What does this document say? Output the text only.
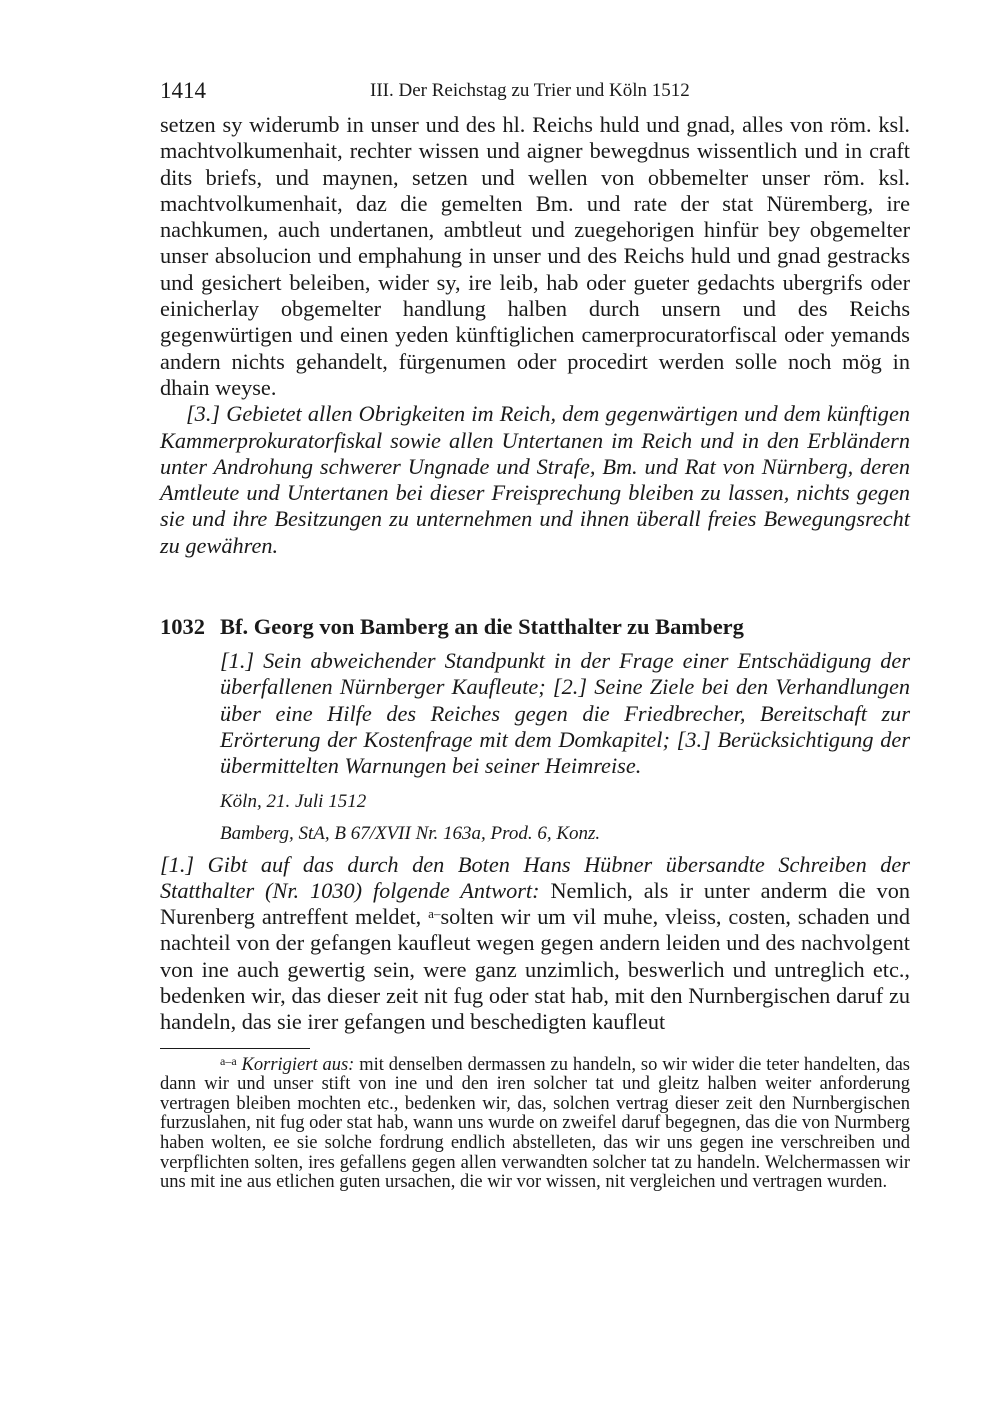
1414	III. Der Reichstag zu Trier und Köln 1512

setzen sy widerumb in unser und des hl. Reichs huld und gnad, alles von röm. ksl. machtvolkumenhait, rechter wissen und aigner bewegdnus wissentlich und in craft dits briefs, und maynen, setzen und wellen von obbemelter unser röm. ksl. machtvolkumenhait, daz die gemelten Bm. und rate der stat Nüremberg, ire nachkumen, auch undertanen, ambtleut und zuegehorigen hinfür bey obgemelter unser absolucion und emphahung in unser und des Reichs huld und gnad gestracks und gesichert beleiben, wider sy, ire leib, hab oder gueter gedachts ubergrifs oder einicherlay obgemelter handlung halben durch unsern und des Reichs gegenwürtigen und einen yeden künftiglichen camerprocuratorfiscal oder yemands andern nichts gehandelt, fürgenumen oder procedirt werden solle noch mög in dhain weyse.

[3.] Gebietet allen Obrigkeiten im Reich, dem gegenwärtigen und dem künftigen Kammerprokuratorfiskal sowie allen Untertanen im Reich und in den Erbländern unter Androhung schwerer Ungnade und Strafe, Bm. und Rat von Nürnberg, deren Amtleute und Untertanen bei dieser Freisprechung bleiben zu lassen, nichts gegen sie und ihre Besitzungen zu unternehmen und ihnen überall freies Bewegungsrecht zu gewähren.

1032 Bf. Georg von Bamberg an die Statthalter zu Bamberg
[1.] Sein abweichender Standpunkt in der Frage einer Entschädigung der überfallenen Nürnberger Kaufleute; [2.] Seine Ziele bei den Verhandlungen über eine Hilfe des Reiches gegen die Friedbrecher, Bereitschaft zur Erörterung der Kostenfrage mit dem Domkapitel; [3.] Berücksichtigung der übermittelten Warnungen bei seiner Heimreise.
Köln, 21. Juli 1512
Bamberg, StA, B 67/XVII Nr. 163a, Prod. 6, Konz.
[1.] Gibt auf das durch den Boten Hans Hübner übersandte Schreiben der Statthalter (Nr. 1030) folgende Antwort: Nemlich, als ir unter anderm die von Nurenberg antreffent meldet, $^{a-}$solten wir um vil muhe, vleiss, costen, schaden und nachteil von der gefangen kaufleut wegen gegen andern leiden und des nachvolgent von ine auch gewertig sein, were ganz unzimlich, beswerlich und untreglich etc., bedenken wir, das dieser zeit nit fug oder stat hab, mit den Nurnbergischen daruf zu handeln, das sie irer gefangen und beschedigten kaufleut
$^{a-a}$ Korrigiert aus: mit denselben dermassen zu handeln, so wir wider die teter handelten, das dann wir und unser stift von ine und den iren solcher tat und gleitz halben weiter anforderung vertragen bleiben mochten etc., bedenken wir, das, solchen vertrag dieser zeit den Nurnbergischen furzuslahen, nit fug oder stat hab, wann uns wurde on zweifel daruf begegnen, das die von Nurmberg haben wolten, ee sie solche fordrung endlich abstelleten, das wir uns gegen ine verschreiben und verpflichten solten, ires gefallens gegen allen verwandten solcher tat zu handeln. Welchermassen wir uns mit ine aus etlichen guten ursachen, die wir vor wissen, nit vergleichen und vertragen wurden.
